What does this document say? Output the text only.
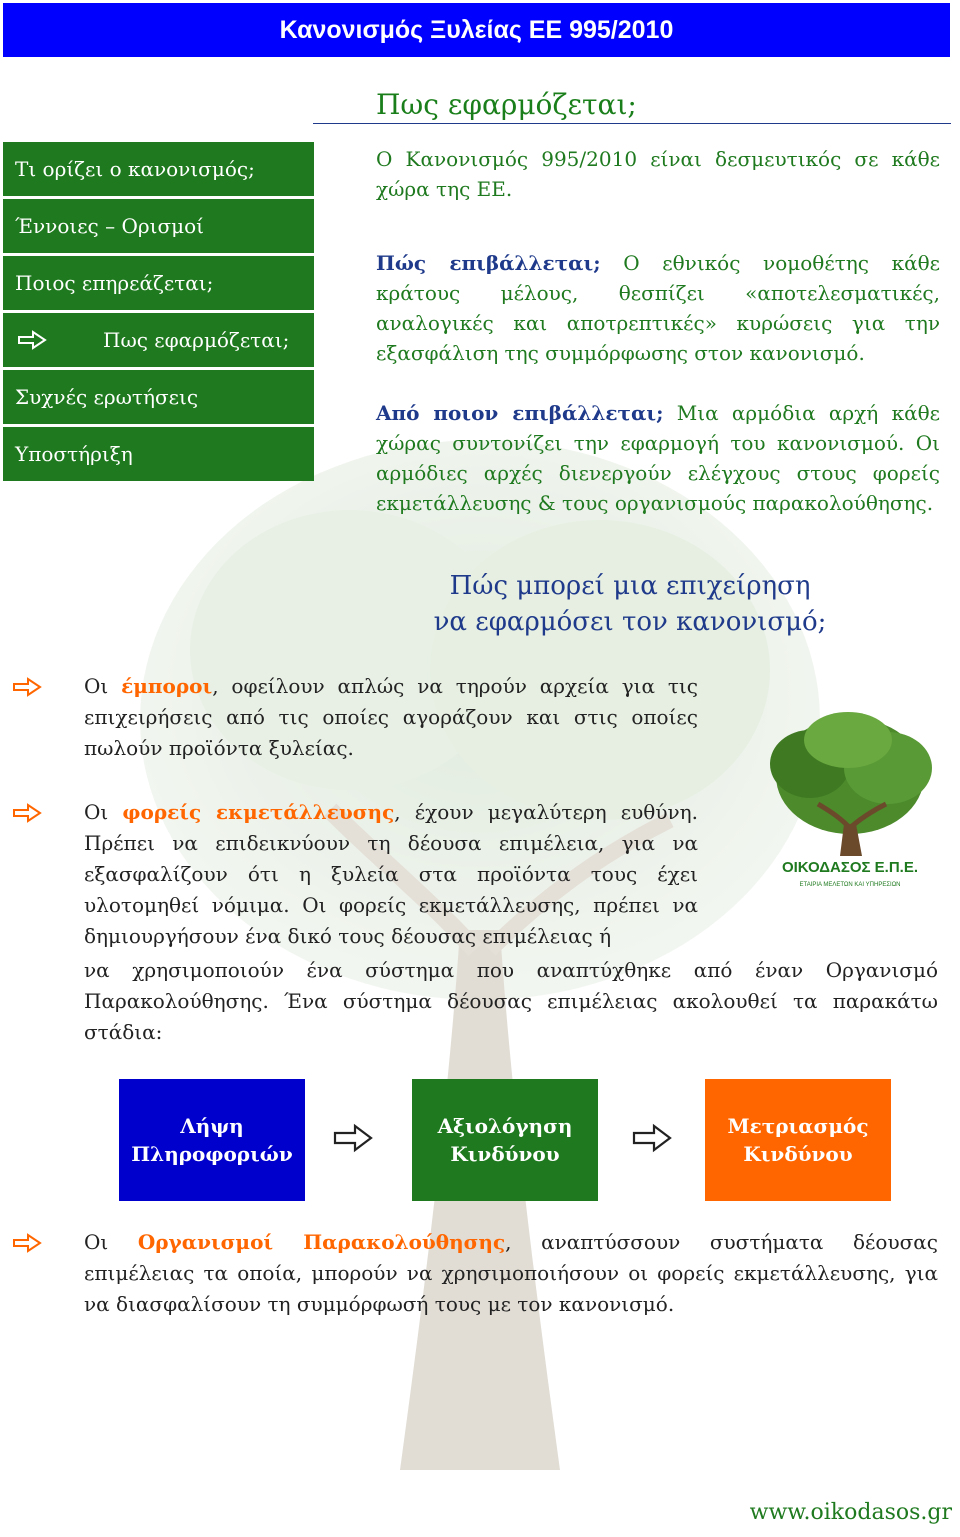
Κανονισμός Ξυλείας ΕΕ 995/2010
Πως εφαρμόζεται;
Τι ορίζει ο κανονισμός;
Έννοιες – Ορισμοί
Ποιος επηρεάζεται;
Πως εφαρμόζεται;
Συχνές ερωτήσεις
Υποστήριξη
Ο Κανονισμός 995/2010 είναι δεσμευτικός σε κάθε χώρα της ΕΕ.
Πώς επιβάλλεται; Ο εθνικός νομοθέτης κάθε κράτους μέλους, θεσπίζει «αποτελεσματικές, αναλογικές και αποτρεπτικές» κυρώσεις για την εξασφάλιση της συμμόρφωσης στον κανονισμό.
Από ποιον επιβάλλεται; Μια αρμόδια αρχή κάθε χώρας συντονίζει την εφαρμογή του κανονισμού. Οι αρμόδιες αρχές διενεργούν ελέγχους στους φορείς εκμετάλλευσης & τους οργανισμούς παρακολούθησης.
Πώς μπορεί μια επιχείρηση
να εφαρμόσει τον κανονισμό;
Οι έμποροι, οφείλουν απλώς να τηρούν αρχεία για τις επιχειρήσεις από τις οποίες αγοράζουν και στις οποίες πωλούν προϊόντα ξυλείας.
ΟΙΚΟΔΑΣΟΣ Ε.Π.Ε.
ΕΤΑΙΡΙΑ ΜΕΛΕΤΩΝ ΚΑΙ ΥΠΗΡΕΣΙΩΝ
Οι φορείς εκμετάλλευσης, έχουν μεγαλύτερη ευθύνη. Πρέπει να επιδεικνύουν τη δέουσα επιμέλεια, για να εξασφαλίζουν ότι η ξυλεία στα προϊόντα τους έχει υλοτομηθεί νόμιμα. Οι φορείς εκμετάλλευσης, πρέπει να δημιουργήσουν ένα δικό τους δέουσας επιμέλειας ή
να χρησιμοποιούν ένα σύστημα που αναπτύχθηκε από έναν Οργανισμό Παρακολούθησης. Ένα σύστημα δέουσας επιμέλειας ακολουθεί τα παρακάτω στάδια:
Λήψη
Πληροφοριών
Αξιολόγηση
Κινδύνου
Μετριασμός
Κινδύνου
Οι Οργανισμοί Παρακολούθησης, αναπτύσσουν συστήματα δέουσας επιμέλειας τα οποία, μπορούν να χρησιμοποιήσουν οι φορείς εκμετάλλευσης, για να διασφαλίσουν τη συμμόρφωσή τους με τον κανονισμό.
www.oikodasos.gr
